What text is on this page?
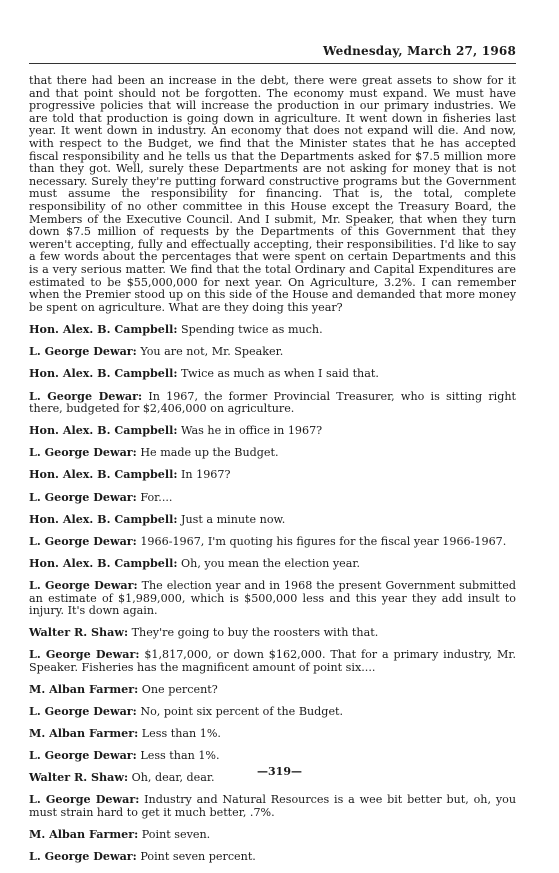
Wednesday, March 27, 1968

that there had been an increase in the debt, there were great assets to show for it and that point should not be forgotten. The economy must expand. We must have progressive policies that will increase the production in our primary industries. We are told that production is going down in agriculture. It went down in fisheries last year. It went down in industry. An economy that does not expand will die. And now, with respect to the Budget, we find that the Minister states that he has accepted fiscal responsibility and he tells us that the Departments asked for $7.5 million more than they got. Well, surely these Departments are not asking for money that is not necessary. Surely they're putting forward constructive programs but the Government must assume the responsibility for financing. That is, the total, complete responsibility of no other committee in this House except the Treasury Board, the Members of the Executive Council. And I submit, Mr. Speaker, that when they turn down $7.5 million of requests by the Departments of this Government that they weren't accepting, fully and effectually accepting, their responsibilities. I'd like to say a few words about the percentages that were spent on certain Departments and this is a very serious matter. We find that the total Ordinary and Capital Expenditures are estimated to be $55,000,000 for next year. On Agriculture, 3.2%. I can remember when the Premier stood up on this side of the House and demanded that more money be spent on agriculture. What are they doing this year?

Hon. Alex. B. Campbell: Spending twice as much.

L. George Dewar: You are not, Mr. Speaker.

Hon. Alex. B. Campbell: Twice as much as when I said that.

L. George Dewar: In 1967, the former Provincial Treasurer, who is sitting right there, budgeted for $2,406,000 on agriculture.

Hon. Alex. B. Campbell: Was he in office in 1967?

L. George Dewar: He made up the Budget.

Hon. Alex. B. Campbell: In 1967?

L. George Dewar: For....

Hon. Alex. B. Campbell: Just a minute now.

L. George Dewar: 1966-1967, I'm quoting his figures for the fiscal year 1966-1967.

Hon. Alex. B. Campbell: Oh, you mean the election year.

L. George Dewar: The election year and in 1968 the present Government submitted an estimate of $1,989,000, which is $500,000 less and this year they add insult to injury. It's down again.

Walter R. Shaw: They're going to buy the roosters with that.

L. George Dewar: $1,817,000, or down $162,000. That for a primary industry, Mr. Speaker. Fisheries has the magnificent amount of point six....

M. Alban Farmer: One percent?

L. George Dewar: No, point six percent of the Budget.

M. Alban Farmer: Less than 1%.

L. George Dewar: Less than 1%.

Walter R. Shaw: Oh, dear, dear.

L. George Dewar: Industry and Natural Resources is a wee bit better but, oh, you must strain hard to get it much better, .7%.

M. Alban Farmer: Point seven.

L. George Dewar: Point seven percent.

—319—
